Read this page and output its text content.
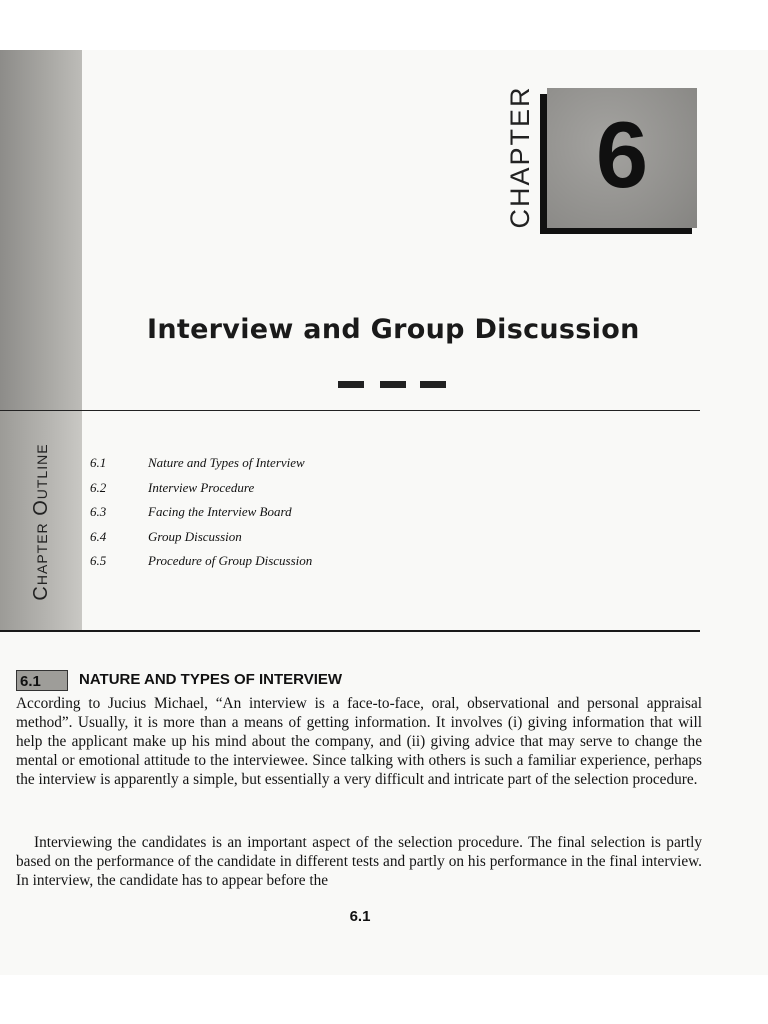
Chapter Outline
CHAPTER 6
Interview and Group Discussion
6.1	Nature and Types of Interview
6.2	Interview Procedure
6.3	Facing the Interview Board
6.4	Group Discussion
6.5	Procedure of Group Discussion
6.1	NATURE AND TYPES OF INTERVIEW

According to Jucius Michael, “An interview is a face-to-face, oral, observational and personal appraisal method”. Usually, it is more than a means of getting information. It involves (i) giving information that will help the applicant make up his mind about the company, and (ii) giving advice that may serve to change the mental or emotional attitude to the interviewee. Since talking with others is such a familiar experience, perhaps the interview is apparently a simple, but essentially a very difficult and intricate part of the selection procedure.

Interviewing the candidates is an important aspect of the selection procedure. The final selection is partly based on the performance of the candidate in different tests and partly on his performance in the final interview. In interview, the candidate has to appear before the

6.1
